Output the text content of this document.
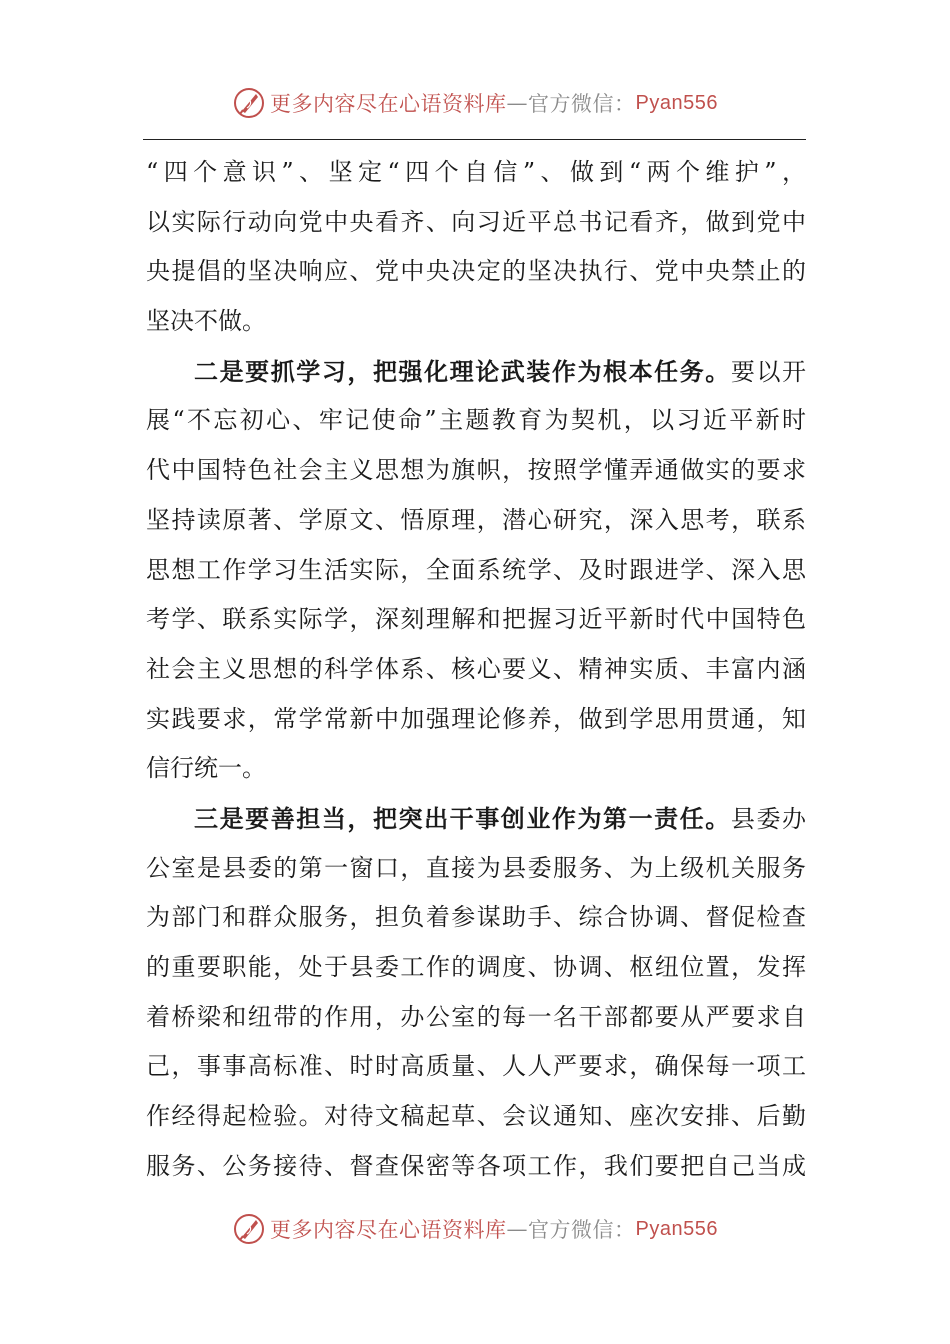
更多内容尽在心语资料库 — 官方微信： Pyan556
“四个意识”、坚定“四个自信”、做到“两个维护”，
以实际行动向党中央看齐、向习近平总书记看齐，做到党中
央提倡的坚决响应、党中央决定的坚决执行、党中央禁止的
坚决不做。
二是要抓学习，把强化理论武装作为根本任务。要以开
展“不忘初心、牢记使命”主题教育为契机，以习近平新时
代中国特色社会主义思想为旗帜，按照学懂弄通做实的要求
坚持读原著、学原文、悟原理，潜心研究，深入思考，联系
思想工作学习生活实际，全面系统学、及时跟进学、深入思
考学、联系实际学，深刻理解和把握习近平新时代中国特色
社会主义思想的科学体系、核心要义、精神实质、丰富内涵
实践要求，常学常新中加强理论修养，做到学思用贯通，知
信行统一。
三是要善担当，把突出干事创业作为第一责任。县委办
公室是县委的第一窗口，直接为县委服务、为上级机关服务
为部门和群众服务，担负着参谋助手、综合协调、督促检查
的重要职能，处于县委工作的调度、协调、枢纽位置，发挥
着桥梁和纽带的作用，办公室的每一名干部都要从严要求自
己，事事高标准、时时高质量、人人严要求，确保每一项工
作经得起检验。对待文稿起草、会议通知、座次安排、后勤
服务、公务接待、督查保密等各项工作，我们要把自己当成
更多内容尽在心语资料库 — 官方微信： Pyan556
